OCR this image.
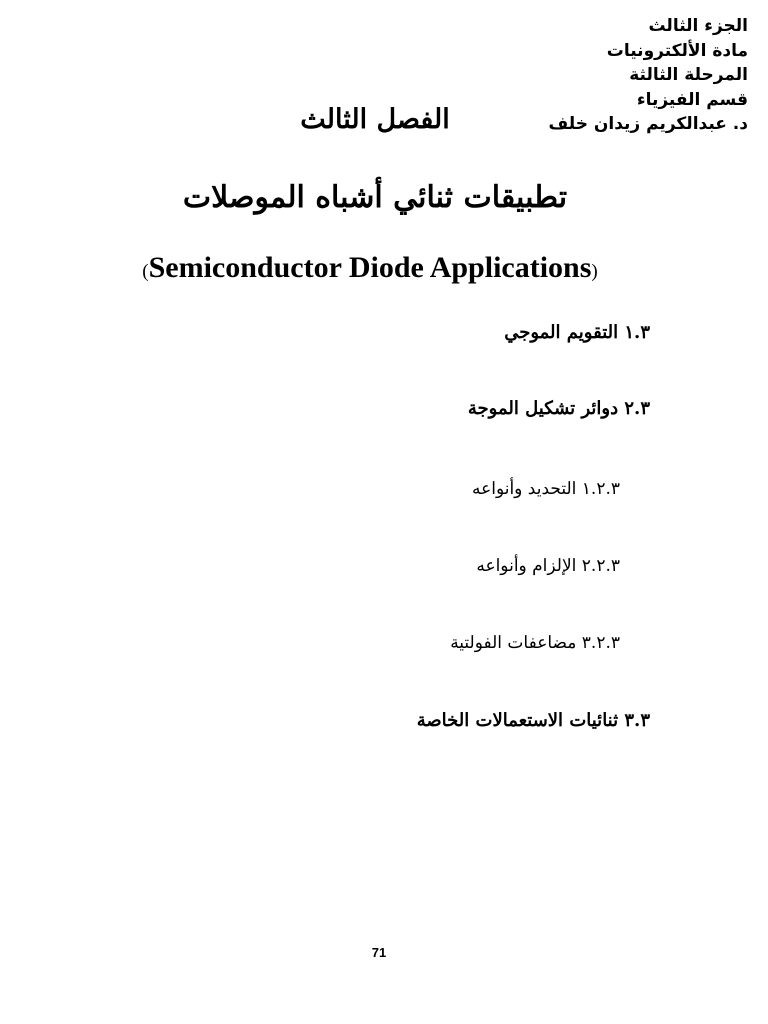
الجزء الثالث
مادة الألكترونيات
المرحلة الثالثة
قسم الفيزياء
د. عبدالكريم زيدان خلف
الفصل الثالث
تطبيقات ثنائي أشباه الموصلات
(Semiconductor Diode Applications)
١.٣ التقويم الموجي
٢.٣ دوائر تشكيل الموجة
١.٢.٣ التحديد وأنواعه
٢.٢.٣ الإلزام وأنواعه
٣.٢.٣ مضاعفات الفولتية
٣.٣ ثنائيات الاستعمالات الخاصة
71
